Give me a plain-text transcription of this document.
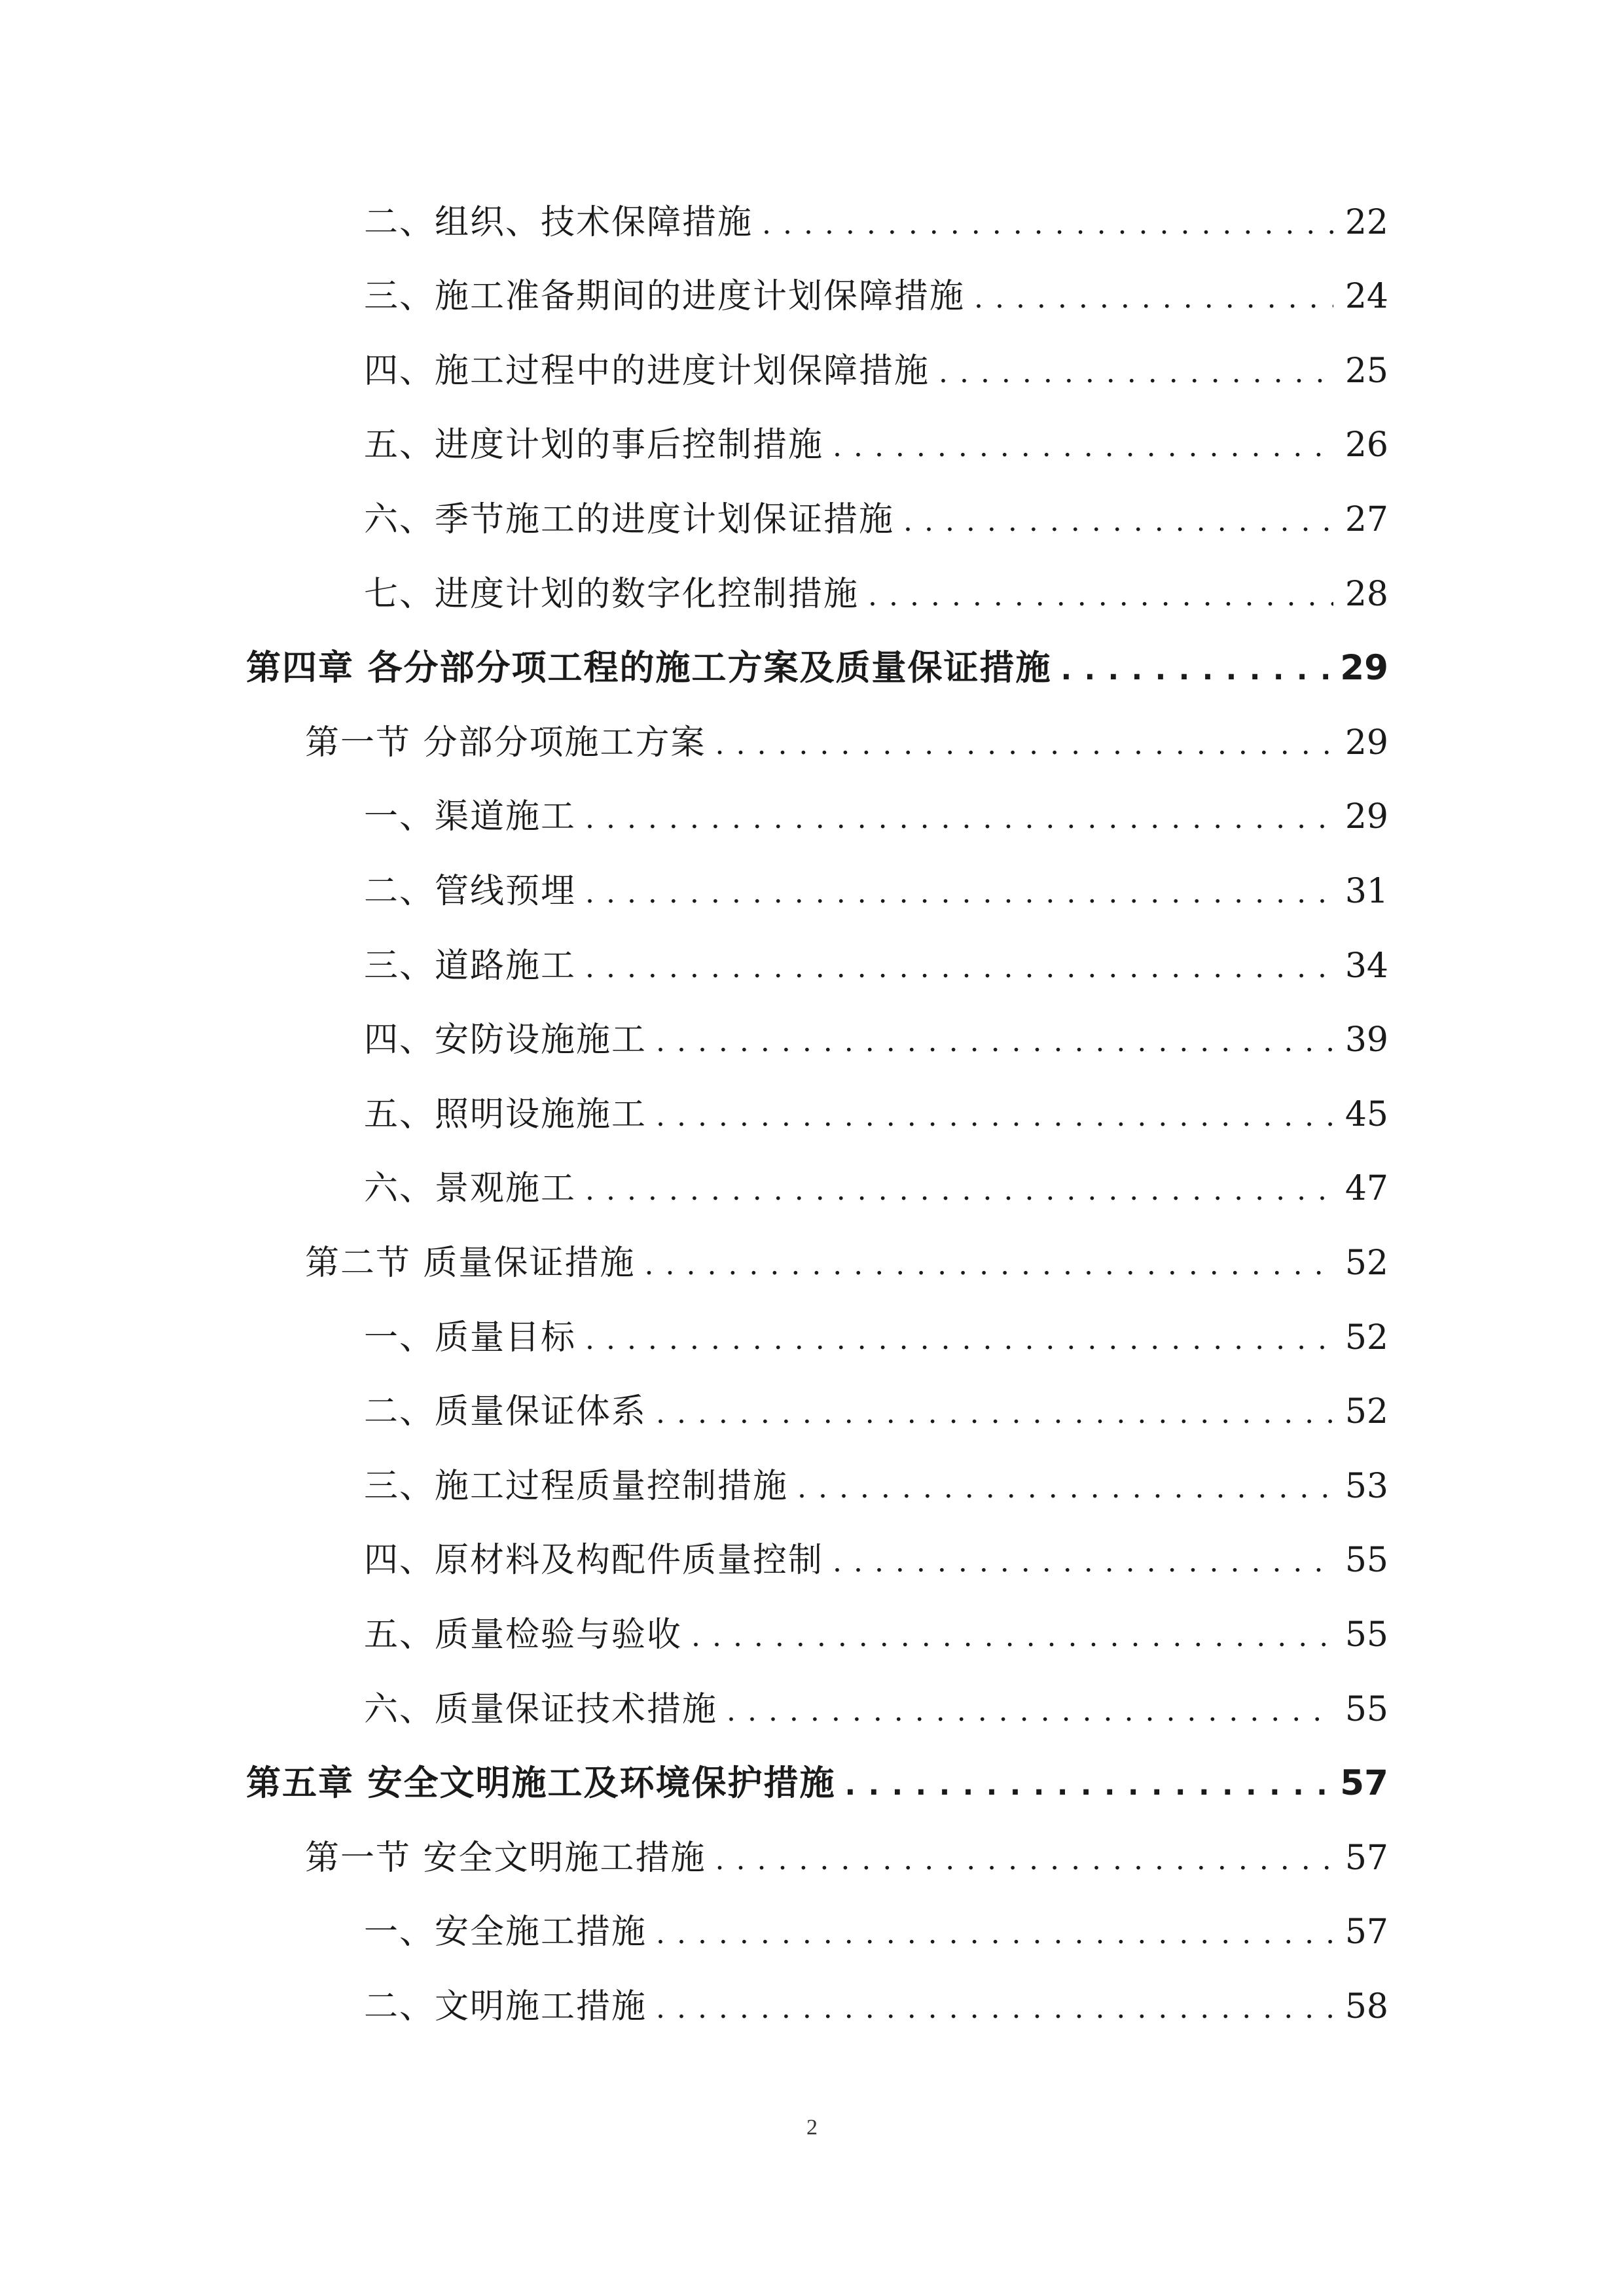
二、组织、技术保障措施 . . .	22
三、施工准备期间的进度计划保障措施 . . .	24
四、施工过程中的进度计划保障措施 . . .	25
五、进度计划的事后控制措施 . . .	26
六、季节施工的进度计划保证措施 . . .	27
七、进度计划的数字化控制措施 . . .	28
第四章 各分部分项工程的施工方案及质量保证措施 . . .	29
第一节 分部分项施工方案 . . .	29
一、渠道施工 . . .	29
二、管线预埋 . . .	31
三、道路施工 . . .	34
四、安防设施施工 . . .	39
五、照明设施施工 . . .	45
六、景观施工 . . .	47
第二节 质量保证措施 . . .	52
一、质量目标 . . .	52
二、质量保证体系 . . .	52
三、施工过程质量控制措施 . . .	53
四、原材料及构配件质量控制 . . .	55
五、质量检验与验收 . . .	55
六、质量保证技术措施 . . .	55
第五章 安全文明施工及环境保护措施 . . .	57
第一节 安全文明施工措施 . . .	57
一、安全施工措施 . . .	57
二、文明施工措施 . . .	58
2
